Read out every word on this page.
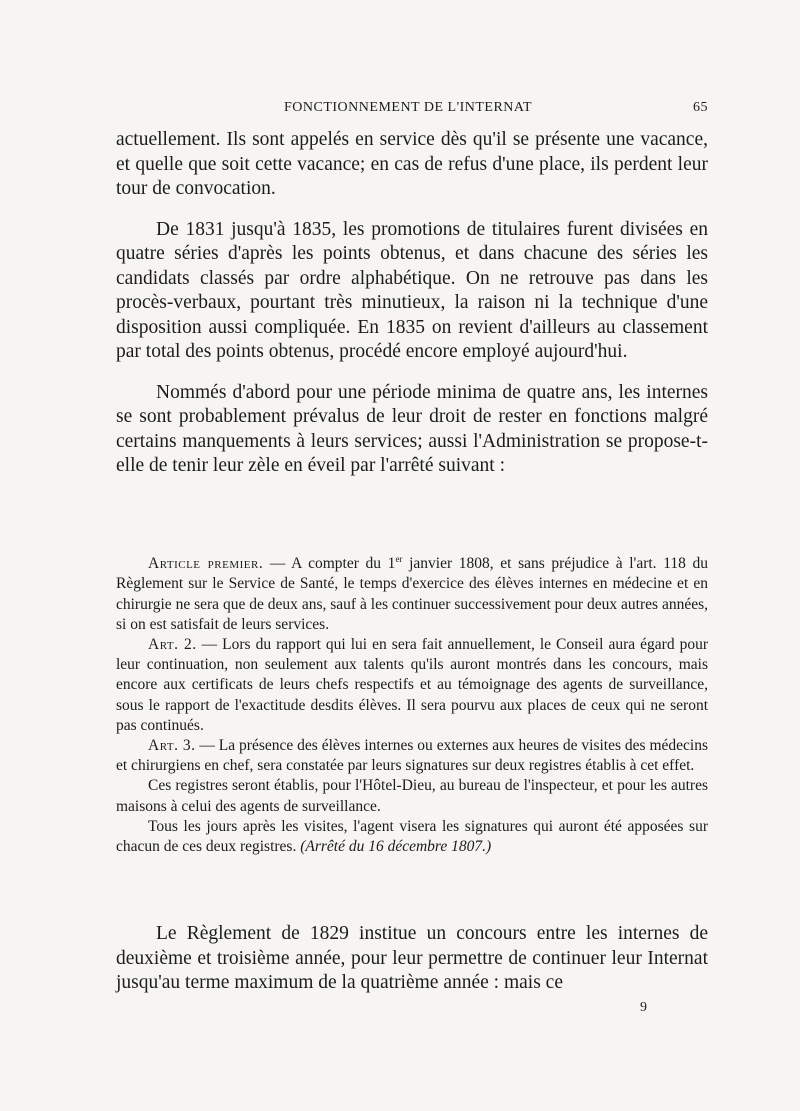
FONCTIONNEMENT DE L'INTERNAT	65

actuellement. Ils sont appelés en service dès qu'il se présente une vacance, et quelle que soit cette vacance; en cas de refus d'une place, ils perdent leur tour de convocation.

De 1831 jusqu'à 1835, les promotions de titulaires furent divisées en quatre séries d'après les points obtenus, et dans chacune des séries les candidats classés par ordre alphabétique. On ne retrouve pas dans les procès-verbaux, pourtant très minutieux, la raison ni la technique d'une disposition aussi compliquée. En 1835 on revient d'ailleurs au classement par total des points obtenus, procédé encore employé aujourd'hui.

Nommés d'abord pour une période minima de quatre ans, les internes se sont probablement prévalus de leur droit de rester en fonctions malgré certains manquements à leurs services; aussi l'Administration se propose-t-elle de tenir leur zèle en éveil par l'arrêté suivant :

Article premier. — A compter du 1er janvier 1808, et sans préjudice à l'art. 118 du Règlement sur le Service de Santé, le temps d'exercice des élèves internes en médecine et en chirurgie ne sera que de deux ans, sauf à les continuer successivement pour deux autres années, si on est satisfait de leurs services.

Art. 2. — Lors du rapport qui lui en sera fait annuellement, le Conseil aura égard pour leur continuation, non seulement aux talents qu'ils auront montrés dans les concours, mais encore aux certificats de leurs chefs respectifs et au témoignage des agents de surveillance, sous le rapport de l'exactitude desdits élèves. Il sera pourvu aux places de ceux qui ne seront pas continués.

Art. 3. — La présence des élèves internes ou externes aux heures de visites des médecins et chirurgiens en chef, sera constatée par leurs signatures sur deux registres établis à cet effet.

Ces registres seront établis, pour l'Hôtel-Dieu, au bureau de l'inspecteur, et pour les autres maisons à celui des agents de surveillance.

Tous les jours après les visites, l'agent visera les signatures qui auront été apposées sur chacun de ces deux registres. (Arrêté du 16 décembre 1807.)

Le Règlement de 1829 institue un concours entre les internes de deuxième et troisième année, pour leur permettre de continuer leur Internat jusqu'au terme maximum de la quatrième année : mais ce

9
